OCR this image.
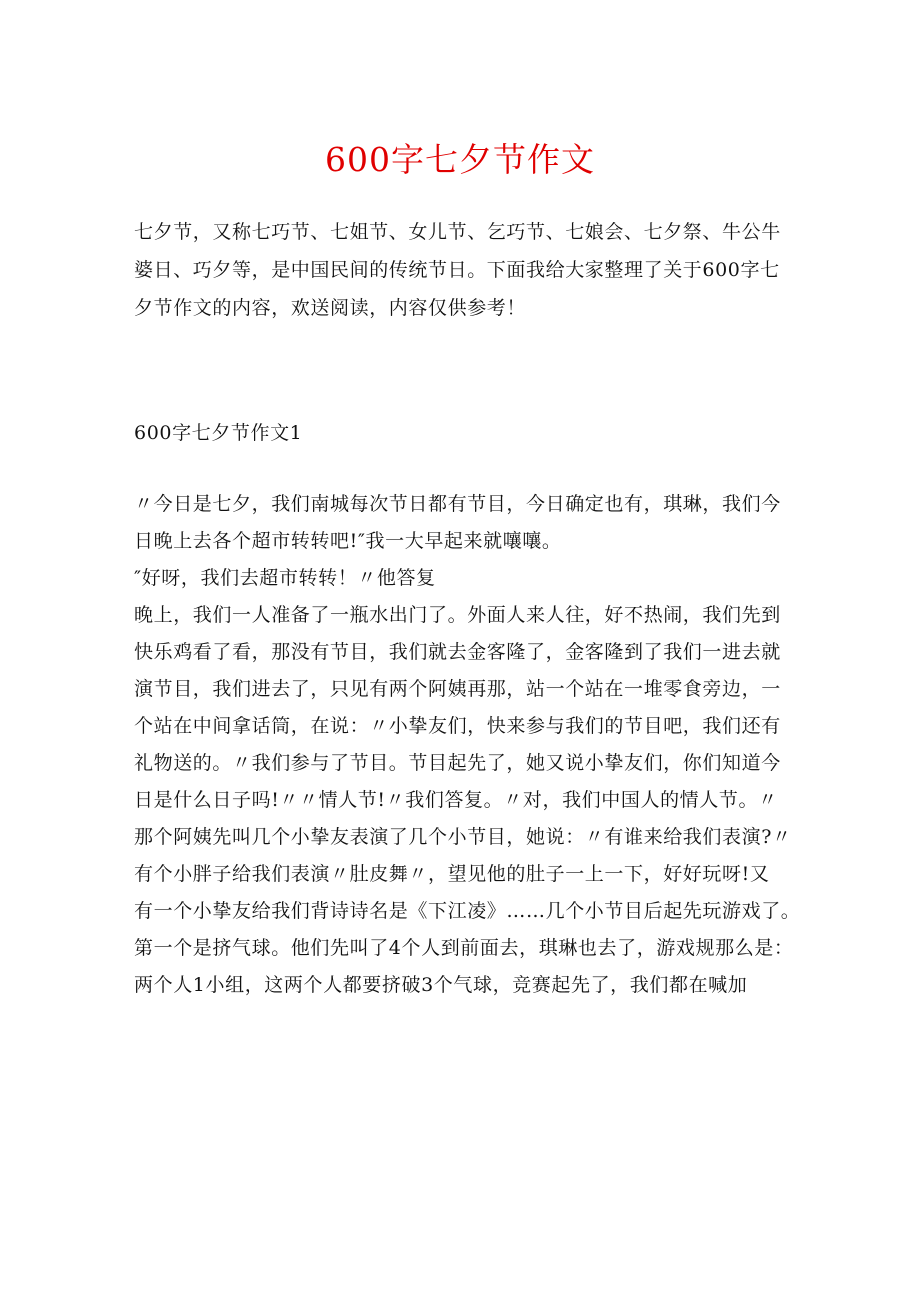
600字七夕节作文
七夕节，又称七巧节、七姐节、女儿节、乞巧节、七娘会、七夕祭、牛公牛
婆日、巧夕等，是中国民间的传统节日。下面我给大家整理了关于600字七
夕节作文的内容，欢送阅读，内容仅供参考！
600字七夕节作文1
〃今日是七夕，我们南城每次节日都有节目，今日确定也有，琪琳，我们今
日晚上去各个超市转转吧!″我一大早起来就嚷嚷。
″好呀，我们去超市转转！〃他答复
晚上，我们一人准备了一瓶水出门了。外面人来人往，好不热闹，我们先到
快乐鸡看了看，那没有节目，我们就去金客隆了，金客隆到了我们一进去就
演节目，我们进去了，只见有两个阿姨再那，站一个站在一堆零食旁边，一
个站在中间拿话筒，在说：〃小挚友们，快来参与我们的节目吧，我们还有
礼物送的。〃我们参与了节目。节目起先了，她又说小挚友们，你们知道今
日是什么日子吗!〃〃情人节!〃我们答复。〃对，我们中国人的情人节。〃
那个阿姨先叫几个小挚友表演了几个小节目，她说：〃有谁来给我们表演?〃
有个小胖子给我们表演〃肚皮舞〃，望见他的肚子一上一下，好好玩呀!又
有一个小挚友给我们背诗诗名是《下江凌》……几个小节目后起先玩游戏了。
第一个是挤气球。他们先叫了4个人到前面去，琪琳也去了，游戏规那么是：
两个人1小组，这两个人都要挤破3个气球，竞赛起先了，我们都在喊加
